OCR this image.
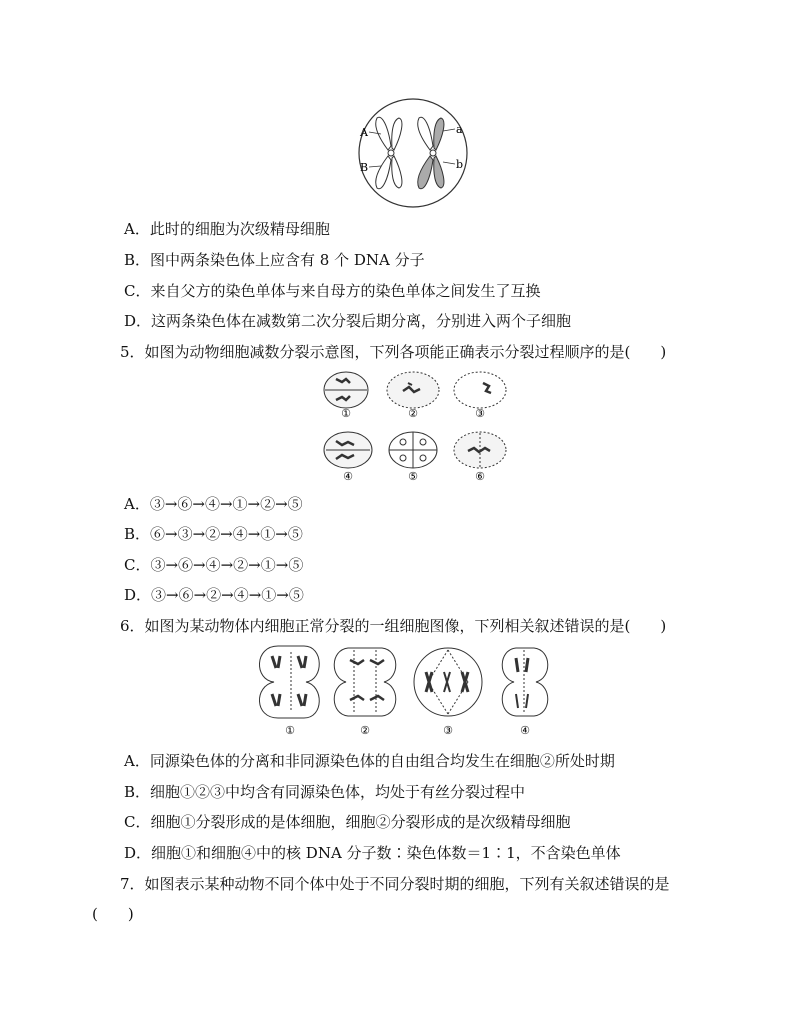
A
B
a
b
A．此时的细胞为次级精母细胞
B．图中两条染色体上应含有 8 个 DNA 分子
C．来自父方的染色单体与来自母方的染色单体之间发生了互换
D．这两条染色体在减数第二次分裂后期分离，分别进入两个子细胞
5．如图为动物细胞减数分裂示意图，下列各项能正确表示分裂过程顺序的是(　　)
①	②	③
④	⑤	⑥
A．③→⑥→④→①→②→⑤
B．⑥→③→②→④→①→⑤
C．③→⑥→④→②→①→⑤
D．③→⑥→②→④→①→⑤
6．如图为某动物体内细胞正常分裂的一组细胞图像，下列相关叙述错误的是(　　)
①	②	③	④
A．同源染色体的分离和非同源染色体的自由组合均发生在细胞②所处时期
B．细胞①②③中均含有同源染色体，均处于有丝分裂过程中
C．细胞①分裂形成的是体细胞，细胞②分裂形成的是次级精母细胞
D．细胞①和细胞④中的核 DNA 分子数∶染色体数＝1∶1，不含染色单体
7．如图表示某种动物不同个体中处于不同分裂时期的细胞，下列有关叙述错误的是
(　　)
